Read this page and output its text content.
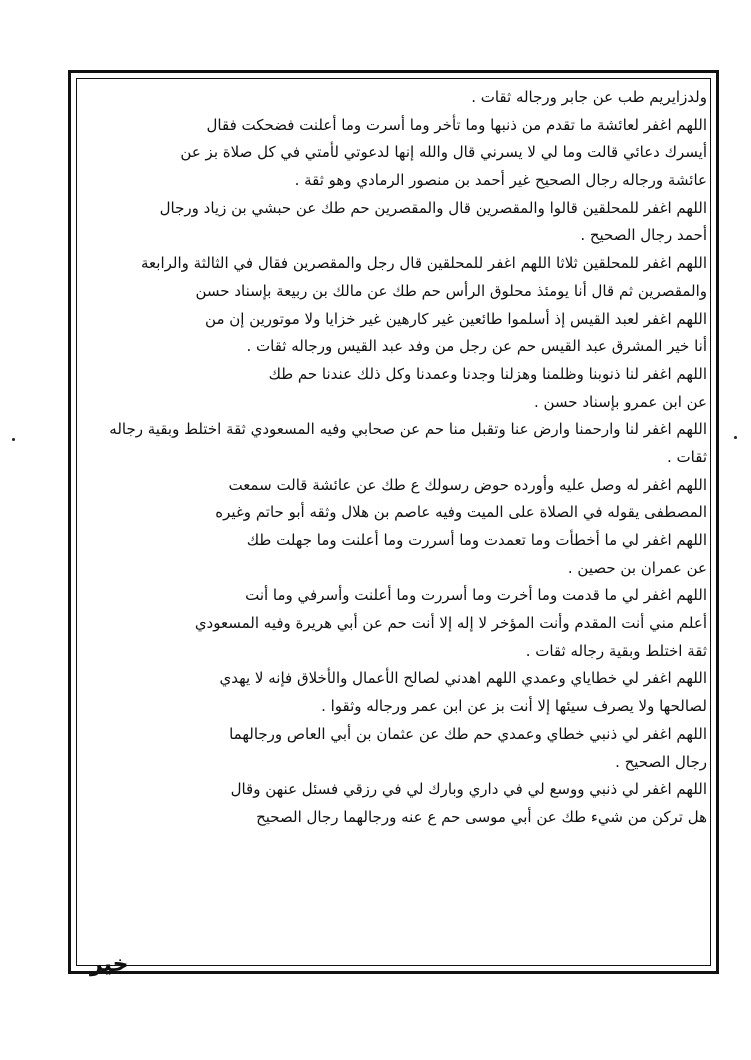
ولدزايريم طب عن جابر ورجاله ثقات .
اللهم اغفر لعائشة ما تقدم من ذنبها وما تأخر وما أسرت وما أعلنت فضحكت فقال
أيسرك دعائي قالت وما لي لا يسرني قال والله إنها لدعوتي لأمتي في كل صلاة بز عن
عائشة ورجاله رجال الصحيح غير أحمد بن منصور الرمادي وهو ثقة .
اللهم اغفر للمحلقين قالوا والمقصرين قال والمقصرين حم طك عن حبشي بن زياد ورجال
أحمد رجال الصحيح .
اللهم اغفر للمحلقين ثلاثا اللهم اغفر للمحلقين قال رجل والمقصرين فقال في الثالثة والرابعة
والمقصرين ثم قال أنا يومئذ محلوق الرأس حم طك عن مالك بن ربيعة بإسناد حسن
اللهم اغفر لعبد القيس إذ أسلموا طائعين غير كارهين غير خزايا ولا موتورين إن من
أنا خير المشرق عبد القيس حم عن رجل من وفد عبد القيس ورجاله ثقات .
اللهم اغفر لنا ذنوبنا وظلمنا وهزلنا وجدنا وعمدنا وكل ذلك عندنا حم طك
عن ابن عمرو بإسناد حسن .
اللهم اغفر لنا وارحمنا وارض عنا وتقبل منا حم عن صحابي وفيه المسعودي ثقة اختلط وبقية رجاله
ثقات .
اللهم اغفر له وصل عليه وأورده حوض رسولك ع طك عن عائشة قالت سمعت
المصطفى يقوله في الصلاة على الميت وفيه عاصم بن هلال وثقه أبو حاتم وغيره
اللهم اغفر لي ما أخطأت وما تعمدت وما أسررت وما أعلنت وما جهلت طك
عن عمران بن حصين .
اللهم اغفر لي ما قدمت وما أخرت وما أسررت وما أعلنت وأسرفي وما أنت
أعلم مني أنت المقدم وأنت المؤخر لا إله إلا أنت حم عن أبي هريرة وفيه المسعودي
ثقة اختلط وبقية رجاله ثقات .
اللهم اغفر لي خطاياي وعمدي اللهم اهدني لصالح الأعمال والأخلاق فإنه لا يهدي
لصالحها ولا يصرف سيئها إلا أنت بز عن ابن عمر ورجاله وثقوا .
اللهم اغفر لي ذنبي خطاي وعمدي حم طك عن عثمان بن أبي العاص ورجالهما
رجال الصحيح .
اللهم اغفر لي ذنبي ووسع لي في داري وبارك لي في رزقي فسئل عنهن وقال
هل تركن من شيء طك عن أبي موسى حم ع عنه ورجالهما رجال الصحيح
خير
